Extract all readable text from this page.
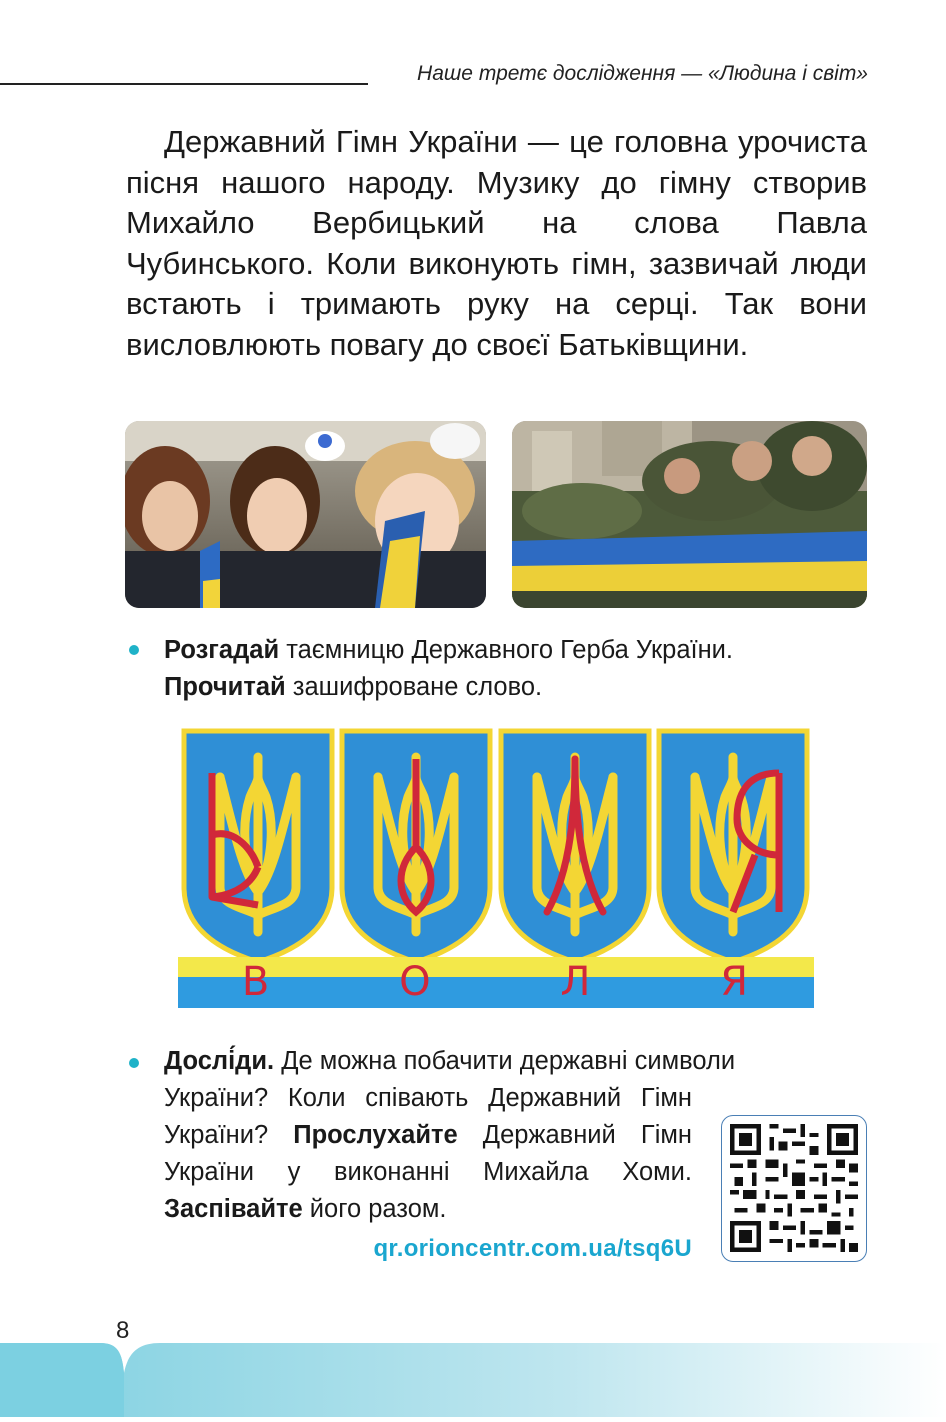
Наше третє дослідження — «Людина і світ»

Державний Гімн України — це головна урочиста пісня нашого народу. Музику до гімну створив Михайло Вербицький на слова Павла Чубинського. Коли виконують гімн, зазвичай люди встають і тримають руку на серці. Так вони висловлюють повагу до своєї Батьківщини.

Розгадай таємницю Державного Герба України.
Прочитай зашифроване слово.

В	О	Л	Я

Дослі́ди. Де можна побачити державні символи

України? Коли співають Державний Гімн України? Прослухайте Державний Гімн України у виконанні Михайла Хоми. Заспівайте його разом.

qr.orioncentr.com.ua/tsq6U
8
